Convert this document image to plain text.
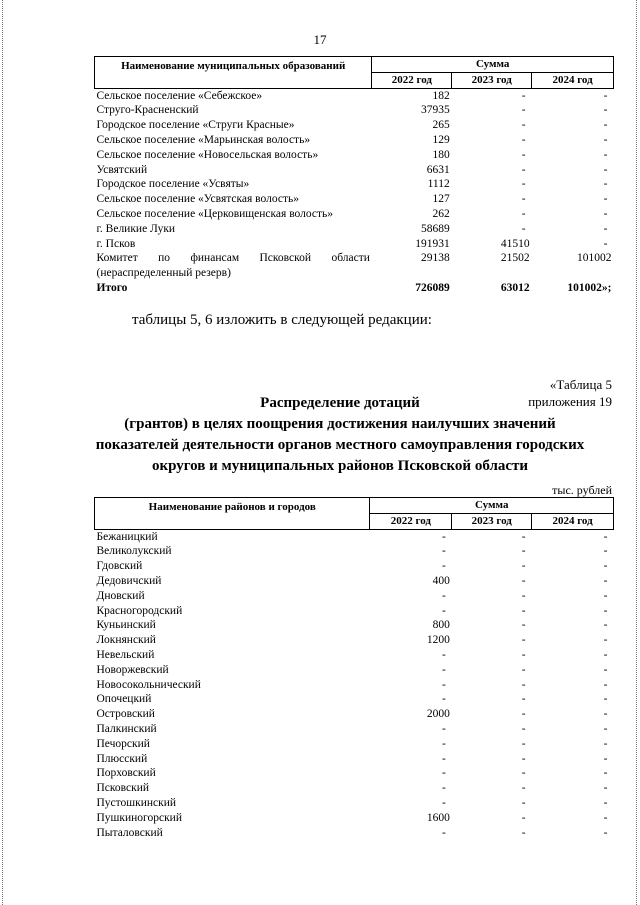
17
Наименование муниципальных образований	Сумма		
	2022 год	2023 год	2024 год
Сельское поселение «Себежское»	182	-	-
Струго-Красненский	37935	-	-
Городское поселение «Струги Красные»	265	-	-
Сельское поселение «Марьинская волость»	129	-	-
Сельское поселение «Новосельская волость»	180	-	-
Усвятский	6631	-	-
Городское поселение «Усвяты»	1112	-	-
Сельское поселение «Усвятская волость»	127	-	-
Сельское поселение «Церковищенская волость»	262	-	-
г. Великие Луки	58689	-	-
г. Псков	191931	41510	-

Комитет по финансам Псковской области
(нераспределенный резерв)	29138	21502	101002
Итого	726089	63012	101002»;
таблицы 5, 6 изложить в следующей редакции:
«Таблица 5
приложения 19
Распределение дотаций
(грантов) в целях поощрения достижения наилучших значений
показателей деятельности органов местного самоуправления городских
округов и муниципальных районов Псковской области
тыс. рублей
Наименование районов и городов	Сумма		
	2022 год	2023 год	2024 год
Бежаницкий	-	-	-
Великолукский	-	-	-
Гдовский	-	-	-
Дедовичский	400	-	-
Дновский	-	-	-
Красногородский	-	-	-
Куньинский	800	-	-
Локнянский	1200	-	-
Невельский	-	-	-
Новоржевский	-	-	-
Новосокольнический	-	-	-
Опочецкий	-	-	-
Островский	2000	-	-
Палкинский	-	-	-
Печорский	-	-	-
Плюсский	-	-	-
Порховский	-	-	-
Псковский	-	-	-
Пустошкинский	-	-	-
Пушкиногорский	1600	-	-
Пыталовский	-	-	-
